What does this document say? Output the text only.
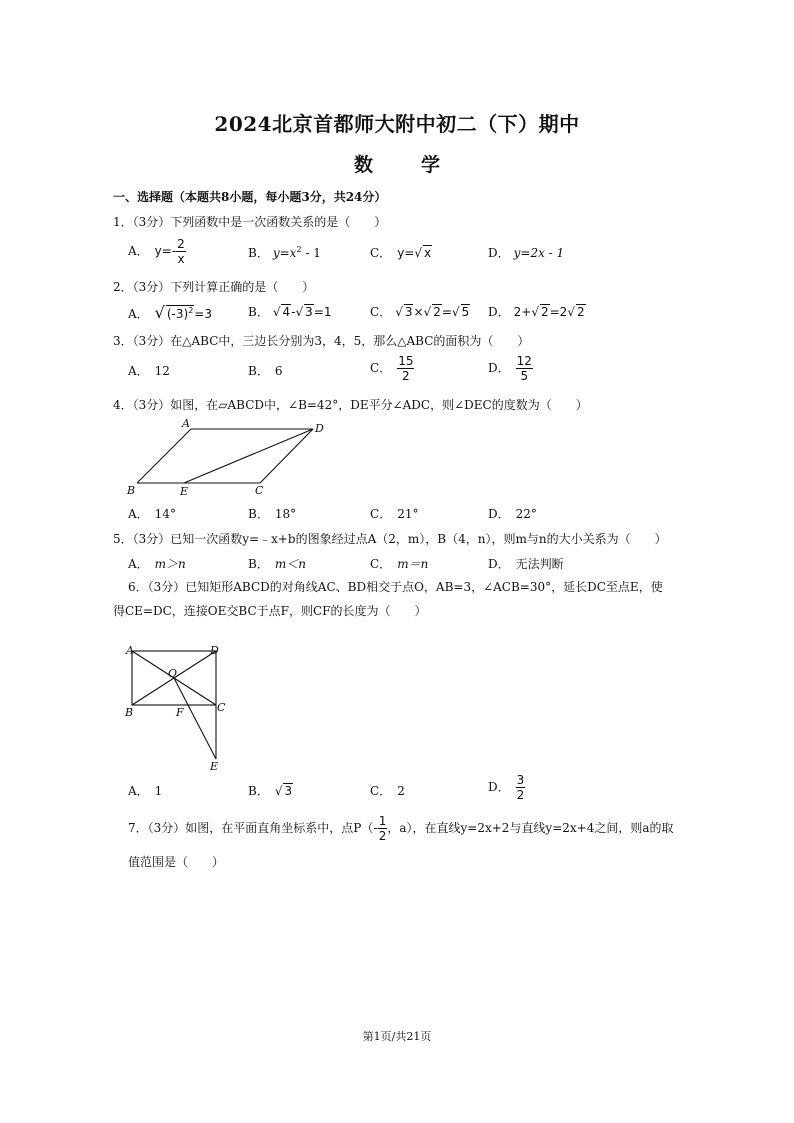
2024北京首都师大附中初二（下）期中
数	学
一、选择题（本题共8小题，每小题3分，共24分）
1．（3分）下列函数中是一次函数关系的是（　　）
A． $y=- \frac{2}{x}$	B． $y=x^2 - 1$	C． y=√ x	D． y=2x - 1
2．（3分）下列计算正确的是（　　）
A． √ $(-3)^2=3$	B． √ 4-√ 3=1	C． √ 3×√ 2=√ 5 D． 2+√ 2=2√ 2
3．（3分）在△ABC中，三边长分别为3，4，5，那么△ABC的面积为（　　）
A． 12	B． 6	C． $\frac{15}{2}$	D． $\frac{12}{5}$
4．（3分）如图，在▱ABCD中，∠B=42°，DE平分∠ADC，则∠DEC的度数为（　　）
A	D
B	E	C
A． 14°	B． 18°	C． 21°	D． 22°
5．（3分）已知一次函数y=﹣x+b的图象经过点A（2，m），B（4，n），则m与n的大小关系为（　　）
A． m＞n	B． m＜n	C． m＝n	D． 无法判断
6．（3分）已知矩形ABCD的对角线AC、BD相交于点O，AB=3，∠ACB=30°，延长DC至点E，使
得CE=DC，连接OE交BC于点F，则CF的长度为（　　）
A	D
O
B	F	C
E
A． 1	B． √ 3	C． 2	D． $\frac{3}{2}$
7．（3分）如图，在平面直角坐标系中，点$P(- \frac{1}{2}$ ，a），在直线y=2x+2与直线y=2x+4之间，则a的取
值范围是（　　）
第1页/共21页
